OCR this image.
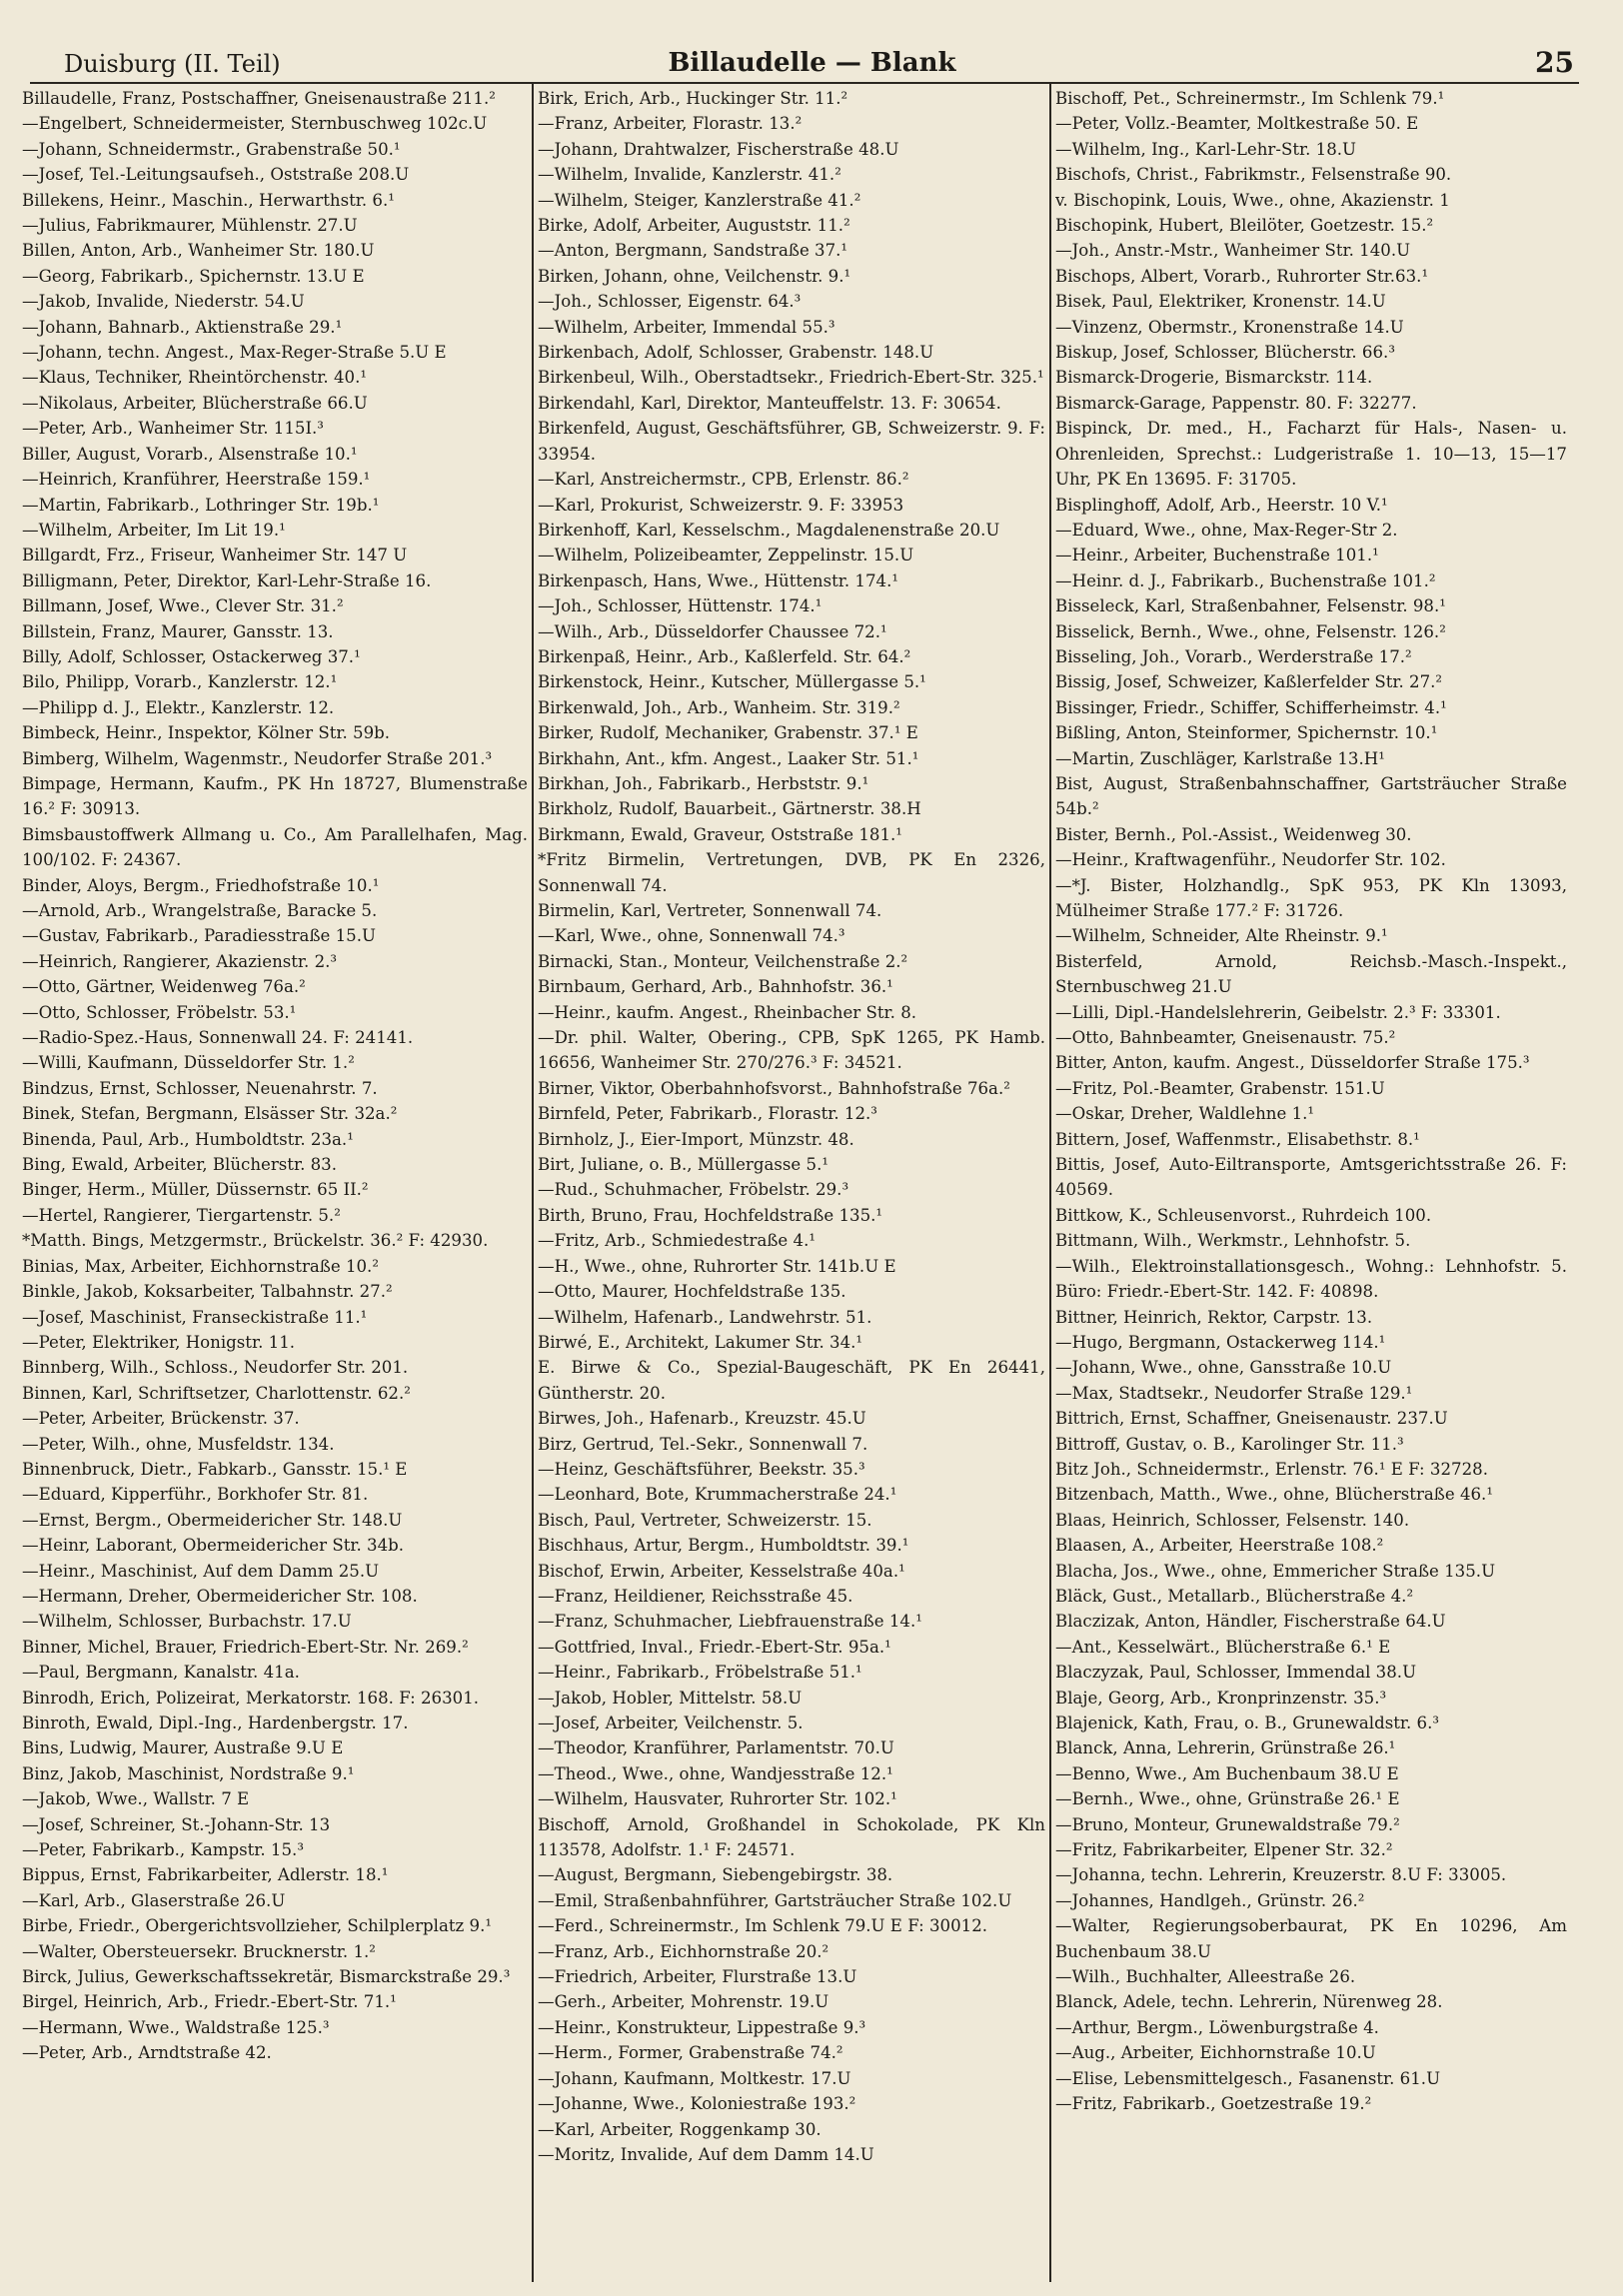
Duisburg (II. Teil)	Billaudelle — Blank	25
Billaudelle, Franz, Postschaffner, Gneisenaustraße 211.²
—Engelbert, Schneidermeister, Sternbuschweg 102c.U
—Johann, Schneidermstr., Grabenstraße 50.¹
—Josef, Tel.-Leitungsaufseh., Oststraße 208.U
Billekens, Heinr., Maschin., Herwarthstr. 6.¹
—Julius, Fabrikmaurer, Mühlenstr. 27.U
Billen, Anton, Arb., Wanheimer Str. 180.U
—Georg, Fabrikarb., Spichernstr. 13.U E
—Jakob, Invalide, Niederstr. 54.U
—Johann, Bahnarb., Aktienstraße 29.¹
—Johann, techn. Angest., Max-Reger-Straße 5.U E
—Klaus, Techniker, Rheintörchenstr. 40.¹
—Nikolaus, Arbeiter, Blücherstraße 66.U
—Peter, Arb., Wanheimer Str. 115I.³
Biller, August, Vorarb., Alsenstraße 10.¹
—Heinrich, Kranführer, Heerstraße 159.¹
—Martin, Fabrikarb., Lothringer Str. 19b.¹
—Wilhelm, Arbeiter, Im Lit 19.¹
Billgardt, Frz., Friseur, Wanheimer Str. 147 U
Billigmann, Peter, Direktor, Karl-Lehr-Straße 16.
Billmann, Josef, Wwe., Clever Str. 31.²
Billstein, Franz, Maurer, Gansstr. 13.
Billy, Adolf, Schlosser, Ostackerweg 37.¹
Bilo, Philipp, Vorarb., Kanzlerstr. 12.¹
—Philipp d. J., Elektr., Kanzlerstr. 12.
Bimbeck, Heinr., Inspektor, Kölner Str. 59b.
Bimberg, Wilhelm, Wagenmstr., Neudorfer Straße 201.³
Bimpage, Hermann, Kaufm., PK Hn 18727, Blumenstraße 16.² F: 30913.
Bimsbaustoffwerk Allmang u. Co., Am Parallelhafen, Mag. 100/102. F: 24367.
Binder, Aloys, Bergm., Friedhofstraße 10.¹
—Arnold, Arb., Wrangelstraße, Baracke 5.
—Gustav, Fabrikarb., Paradiesstraße 15.U
—Heinrich, Rangierer, Akazienstr. 2.³
—Otto, Gärtner, Weidenweg 76a.²
—Otto, Schlosser, Fröbelstr. 53.¹
—Radio-Spez.-Haus, Sonnenwall 24. F: 24141.
—Willi, Kaufmann, Düsseldorfer Str. 1.²
Bindzus, Ernst, Schlosser, Neuenahrstr. 7.
Binek, Stefan, Bergmann, Elsässer Str. 32a.²
Binenda, Paul, Arb., Humboldtstr. 23a.¹
Bing, Ewald, Arbeiter, Blücherstr. 83.
Binger, Herm., Müller, Düssernstr. 65 II.²
—Hertel, Rangierer, Tiergartenstr. 5.²
*Matth. Bings, Metzgermstr., Brückelstr. 36.² F: 42930.
Binias, Max, Arbeiter, Eichhornstraße 10.²
Binkle, Jakob, Koksarbeiter, Talbahnstr. 27.²
—Josef, Maschinist, Franseckistraße 11.¹
—Peter, Elektriker, Honigstr. 11.
Binnberg, Wilh., Schloss., Neudorfer Str. 201.
Binnen, Karl, Schriftsetzer, Charlottenstr. 62.²
—Peter, Arbeiter, Brückenstr. 37.
—Peter, Wilh., ohne, Musfeldstr. 134.
Binnenbruck, Dietr., Fabkarb., Gansstr. 15.¹ E
—Eduard, Kipperführ., Borkhofer Str. 81.
—Ernst, Bergm., Obermeidericher Str. 148.U
—Heinr, Laborant, Obermeidericher Str. 34b.
—Heinr., Maschinist, Auf dem Damm 25.U
—Hermann, Dreher, Obermeidericher Str. 108.
—Wilhelm, Schlosser, Burbachstr. 17.U
Binner, Michel, Brauer, Friedrich-Ebert-Str. Nr. 269.²
—Paul, Bergmann, Kanalstr. 41a.
Binrodh, Erich, Polizeirat, Merkatorstr. 168. F: 26301.
Binroth, Ewald, Dipl.-Ing., Hardenbergstr. 17.
Bins, Ludwig, Maurer, Austraße 9.U E
Binz, Jakob, Maschinist, Nordstraße 9.¹
—Jakob, Wwe., Wallstr. 7 E
—Josef, Schreiner, St.-Johann-Str. 13
—Peter, Fabrikarb., Kampstr. 15.³
Bippus, Ernst, Fabrikarbeiter, Adlerstr. 18.¹
—Karl, Arb., Glaserstraße 26.U
Birbe, Friedr., Obergerichtsvollzieher, Schilplerplatz 9.¹
—Walter, Obersteuersekr. Brucknerstr. 1.²
Birck, Julius, Gewerkschaftssekretär, Bismarckstraße 29.³
Birgel, Heinrich, Arb., Friedr.-Ebert-Str. 71.¹
—Hermann, Wwe., Waldstraße 125.³
—Peter, Arb., Arndtstraße 42.
Birk, Erich, Arb., Huckinger Str. 11.²
—Franz, Arbeiter, Florastr. 13.²
—Johann, Drahtwalzer, Fischerstraße 48.U
—Wilhelm, Invalide, Kanzlerstr. 41.²
—Wilhelm, Steiger, Kanzlerstraße 41.²
Birke, Adolf, Arbeiter, Auguststr. 11.²
—Anton, Bergmann, Sandstraße 37.¹
Birken, Johann, ohne, Veilchenstr. 9.¹
—Joh., Schlosser, Eigenstr. 64.³
—Wilhelm, Arbeiter, Immendal 55.³
Birkenbach, Adolf, Schlosser, Grabenstr. 148.U
Birkenbeul, Wilh., Oberstadtsekr., Friedrich-Ebert-Str. 325.¹
Birkendahl, Karl, Direktor, Manteuffelstr. 13. F: 30654.
Birkenfeld, August, Geschäftsführer, GB, Schweizerstr. 9. F: 33954.
—Karl, Anstreichermstr., CPB, Erlenstr. 86.²
—Karl, Prokurist, Schweizerstr. 9. F: 33953
Birkenhoff, Karl, Kesselschm., Magdalenenstraße 20.U
—Wilhelm, Polizeibeamter, Zeppelinstr. 15.U
Birkenpasch, Hans, Wwe., Hüttenstr. 174.¹
—Joh., Schlosser, Hüttenstr. 174.¹
—Wilh., Arb., Düsseldorfer Chaussee 72.¹
Birkenpaß, Heinr., Arb., Kaßlerfeld. Str. 64.²
Birkenstock, Heinr., Kutscher, Müllergasse 5.¹
Birkenwald, Joh., Arb., Wanheim. Str. 319.²
Birker, Rudolf, Mechaniker, Grabenstr. 37.¹ E
Birkhahn, Ant., kfm. Angest., Laaker Str. 51.¹
Birkhan, Joh., Fabrikarb., Herbststr. 9.¹
Birkholz, Rudolf, Bauarbeit., Gärtnerstr. 38.H
Birkmann, Ewald, Graveur, Oststraße 181.¹
*Fritz Birmelin, Vertretungen, DVB, PK En 2326, Sonnenwall 74.
Birmelin, Karl, Vertreter, Sonnenwall 74.
—Karl, Wwe., ohne, Sonnenwall 74.³
Birnacki, Stan., Monteur, Veilchenstraße 2.²
Birnbaum, Gerhard, Arb., Bahnhofstr. 36.¹
—Heinr., kaufm. Angest., Rheinbacher Str. 8.
—Dr. phil. Walter, Obering., CPB, SpK 1265, PK Hamb. 16656, Wanheimer Str. 270/276.³ F: 34521.
Birner, Viktor, Oberbahnhofsvorst., Bahnhofstraße 76a.²
Birnfeld, Peter, Fabrikarb., Florastr. 12.³
Birnholz, J., Eier-Import, Münzstr. 48.
Birt, Juliane, o. B., Müllergasse 5.¹
—Rud., Schuhmacher, Fröbelstr. 29.³
Birth, Bruno, Frau, Hochfeldstraße 135.¹
—Fritz, Arb., Schmiedestraße 4.¹
—H., Wwe., ohne, Ruhrorter Str. 141b.U E
—Otto, Maurer, Hochfeldstraße 135.
—Wilhelm, Hafenarb., Landwehrstr. 51.
Birwé, E., Architekt, Lakumer Str. 34.¹
E. Birwe & Co., Spezial-Baugeschäft, PK En 26441, Güntherstr. 20.
Birwes, Joh., Hafenarb., Kreuzstr. 45.U
Birz, Gertrud, Tel.-Sekr., Sonnenwall 7.
—Heinz, Geschäftsführer, Beekstr. 35.³
—Leonhard, Bote, Krummacherstraße 24.¹
Bisch, Paul, Vertreter, Schweizerstr. 15.
Bischhaus, Artur, Bergm., Humboldtstr. 39.¹
Bischof, Erwin, Arbeiter, Kesselstraße 40a.¹
—Franz, Heildiener, Reichsstraße 45.
—Franz, Schuhmacher, Liebfrauenstraße 14.¹
—Gottfried, Inval., Friedr.-Ebert-Str. 95a.¹
—Heinr., Fabrikarb., Fröbelstraße 51.¹
—Jakob, Hobler, Mittelstr. 58.U
—Josef, Arbeiter, Veilchenstr. 5.
—Theodor, Kranführer, Parlamentstr. 70.U
—Theod., Wwe., ohne, Wandjesstraße 12.¹
—Wilhelm, Hausvater, Ruhrorter Str. 102.¹
Bischoff, Arnold, Großhandel in Schokolade, PK Kln 113578, Adolfstr. 1.¹ F: 24571.
—August, Bergmann, Siebengebirgstr. 38.
—Emil, Straßenbahnführer, Gartsträucher Straße 102.U
—Ferd., Schreinermstr., Im Schlenk 79.U E F: 30012.
—Franz, Arb., Eichhornstraße 20.²
—Friedrich, Arbeiter, Flurstraße 13.U
—Gerh., Arbeiter, Mohrenstr. 19.U
—Heinr., Konstrukteur, Lippestraße 9.³
—Herm., Former, Grabenstraße 74.²
—Johann, Kaufmann, Moltkestr. 17.U
—Johanne, Wwe., Koloniestraße 193.²
—Karl, Arbeiter, Roggenkamp 30.
—Moritz, Invalide, Auf dem Damm 14.U
Bischoff, Pet., Schreinermstr., Im Schlenk 79.¹
—Peter, Vollz.-Beamter, Moltkestraße 50. E
—Wilhelm, Ing., Karl-Lehr-Str. 18.U
Bischofs, Christ., Fabrikmstr., Felsenstraße 90.
v. Bischopink, Louis, Wwe., ohne, Akazienstr. 1
Bischopink, Hubert, Bleilöter, Goetzestr. 15.²
—Joh., Anstr.-Mstr., Wanheimer Str. 140.U
Bischops, Albert, Vorarb., Ruhrorter Str.63.¹
Bisek, Paul, Elektriker, Kronenstr. 14.U
—Vinzenz, Obermstr., Kronenstraße 14.U
Biskup, Josef, Schlosser, Blücherstr. 66.³
Bismarck-Drogerie, Bismarckstr. 114.
Bismarck-Garage, Pappenstr. 80. F: 32277.
Bispinck, Dr. med., H., Facharzt für Hals-, Nasen- u. Ohrenleiden, Sprechst.: Ludgeristraße 1. 10—13, 15—17 Uhr, PK En 13695. F: 31705.
Bisplinghoff, Adolf, Arb., Heerstr. 10 V.¹
—Eduard, Wwe., ohne, Max-Reger-Str 2.
—Heinr., Arbeiter, Buchenstraße 101.¹
—Heinr. d. J., Fabrikarb., Buchenstraße 101.²
Bisseleck, Karl, Straßenbahner, Felsenstr. 98.¹
Bisselick, Bernh., Wwe., ohne, Felsenstr. 126.²
Bisseling, Joh., Vorarb., Werderstraße 17.²
Bissig, Josef, Schweizer, Kaßlerfelder Str. 27.²
Bissinger, Friedr., Schiffer, Schifferheimstr. 4.¹
Bißling, Anton, Steinformer, Spichernstr. 10.¹
—Martin, Zuschläger, Karlstraße 13.H¹
Bist, August, Straßenbahnschaffner, Gartsträucher Straße 54b.²
Bister, Bernh., Pol.-Assist., Weidenweg 30.
—Heinr., Kraftwagenführ., Neudorfer Str. 102.
—*J. Bister, Holzhandlg., SpK 953, PK Kln 13093, Mülheimer Straße 177.² F: 31726.
—Wilhelm, Schneider, Alte Rheinstr. 9.¹
Bisterfeld, Arnold, Reichsb.-Masch.-Inspekt., Sternbuschweg 21.U
—Lilli, Dipl.-Handelslehrerin, Geibelstr. 2.³ F: 33301.
—Otto, Bahnbeamter, Gneisenaustr. 75.²
Bitter, Anton, kaufm. Angest., Düsseldorfer Straße 175.³
—Fritz, Pol.-Beamter, Grabenstr. 151.U
—Oskar, Dreher, Waldlehne 1.¹
Bittern, Josef, Waffenmstr., Elisabethstr. 8.¹
Bittis, Josef, Auto-Eiltransporte, Amtsgerichtsstraße 26. F: 40569.
Bittkow, K., Schleusenvorst., Ruhrdeich 100.
Bittmann, Wilh., Werkmstr., Lehnhofstr. 5.
—Wilh., Elektroinstallationsgesch., Wohng.: Lehnhofstr. 5. Büro: Friedr.-Ebert-Str. 142. F: 40898.
Bittner, Heinrich, Rektor, Carpstr. 13.
—Hugo, Bergmann, Ostackerweg 114.¹
—Johann, Wwe., ohne, Gansstraße 10.U
—Max, Stadtsekr., Neudorfer Straße 129.¹
Bittrich, Ernst, Schaffner, Gneisenaustr. 237.U
Bittroff, Gustav, o. B., Karolinger Str. 11.³
Bitz Joh., Schneidermstr., Erlenstr. 76.¹ E F: 32728.
Bitzenbach, Matth., Wwe., ohne, Blücherstraße 46.¹
Blaas, Heinrich, Schlosser, Felsenstr. 140.
Blaasen, A., Arbeiter, Heerstraße 108.²
Blacha, Jos., Wwe., ohne, Emmericher Straße 135.U
Bläck, Gust., Metallarb., Blücherstraße 4.²
Blaczizak, Anton, Händler, Fischerstraße 64.U
—Ant., Kesselwärt., Blücherstraße 6.¹ E
Blaczyzak, Paul, Schlosser, Immendal 38.U
Blaje, Georg, Arb., Kronprinzenstr. 35.³
Blajenick, Kath, Frau, o. B., Grunewaldstr. 6.³
Blanck, Anna, Lehrerin, Grünstraße 26.¹
—Benno, Wwe., Am Buchenbaum 38.U E
—Bernh., Wwe., ohne, Grünstraße 26.¹ E
—Bruno, Monteur, Grunewaldstraße 79.²
—Fritz, Fabrikarbeiter, Elpener Str. 32.²
—Johanna, techn. Lehrerin, Kreuzerstr. 8.U F: 33005.
—Johannes, Handlgeh., Grünstr. 26.²
—Walter, Regierungsoberbaurat, PK En 10296, Am Buchenbaum 38.U
—Wilh., Buchhalter, Alleestraße 26.
Blanck, Adele, techn. Lehrerin, Nürenweg 28.
—Arthur, Bergm., Löwenburgstraße 4.
—Aug., Arbeiter, Eichhornstraße 10.U
—Elise, Lebensmittelgesch., Fasanenstr. 61.U
—Fritz, Fabrikarb., Goetzestraße 19.²
